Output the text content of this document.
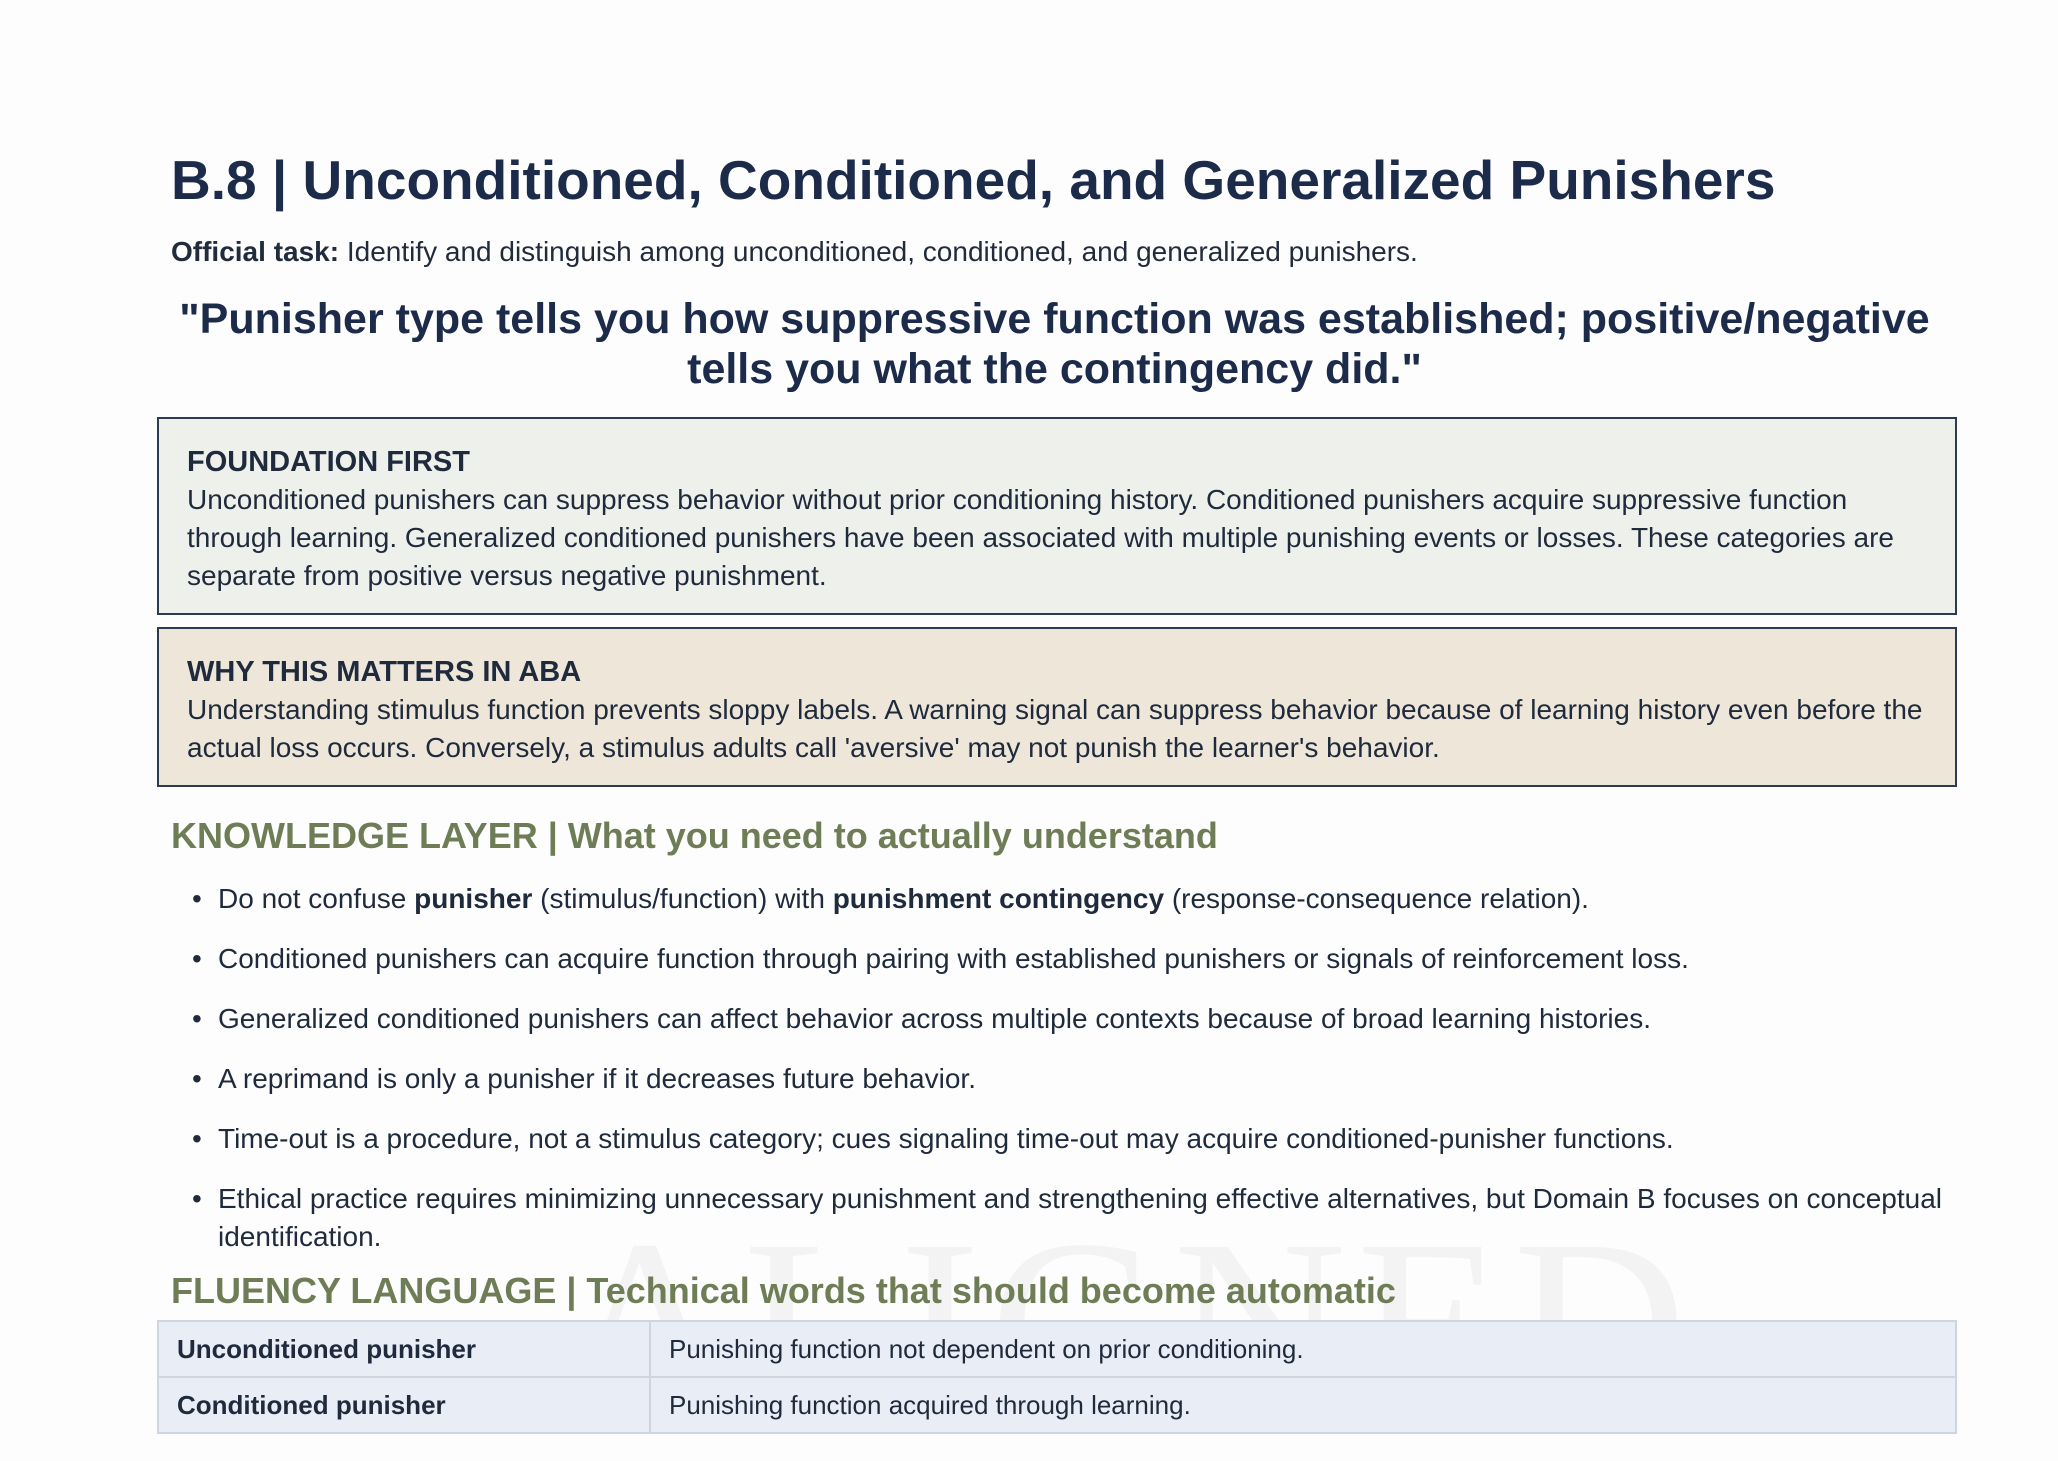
B.8 | Unconditioned, Conditioned, and Generalized Punishers
Official task: Identify and distinguish among unconditioned, conditioned, and generalized punishers.
"Punisher type tells you how suppressive function was established; positive/negative tells you what the contingency did."
FOUNDATION FIRST
Unconditioned punishers can suppress behavior without prior conditioning history. Conditioned punishers acquire suppressive function through learning. Generalized conditioned punishers have been associated with multiple punishing events or losses. These categories are separate from positive versus negative punishment.
WHY THIS MATTERS IN ABA
Understanding stimulus function prevents sloppy labels. A warning signal can suppress behavior because of learning history even before the actual loss occurs. Conversely, a stimulus adults call 'aversive' may not punish the learner's behavior.
KNOWLEDGE LAYER | What you need to actually understand
• Do not confuse punisher (stimulus/function) with punishment contingency (response-consequence relation).
• Conditioned punishers can acquire function through pairing with established punishers or signals of reinforcement loss.
• Generalized conditioned punishers can affect behavior across multiple contexts because of broad learning histories.
• A reprimand is only a punisher if it decreases future behavior.
• Time-out is a procedure, not a stimulus category; cues signaling time-out may acquire conditioned-punisher functions.
• Ethical practice requires minimizing unnecessary punishment and strengthening effective alternatives, but Domain B focuses on conceptual identification.
FLUENCY LANGUAGE | Technical words that should become automatic
Unconditioned punisher	Punishing function not dependent on prior conditioning.
Conditioned punisher	Punishing function acquired through learning.
